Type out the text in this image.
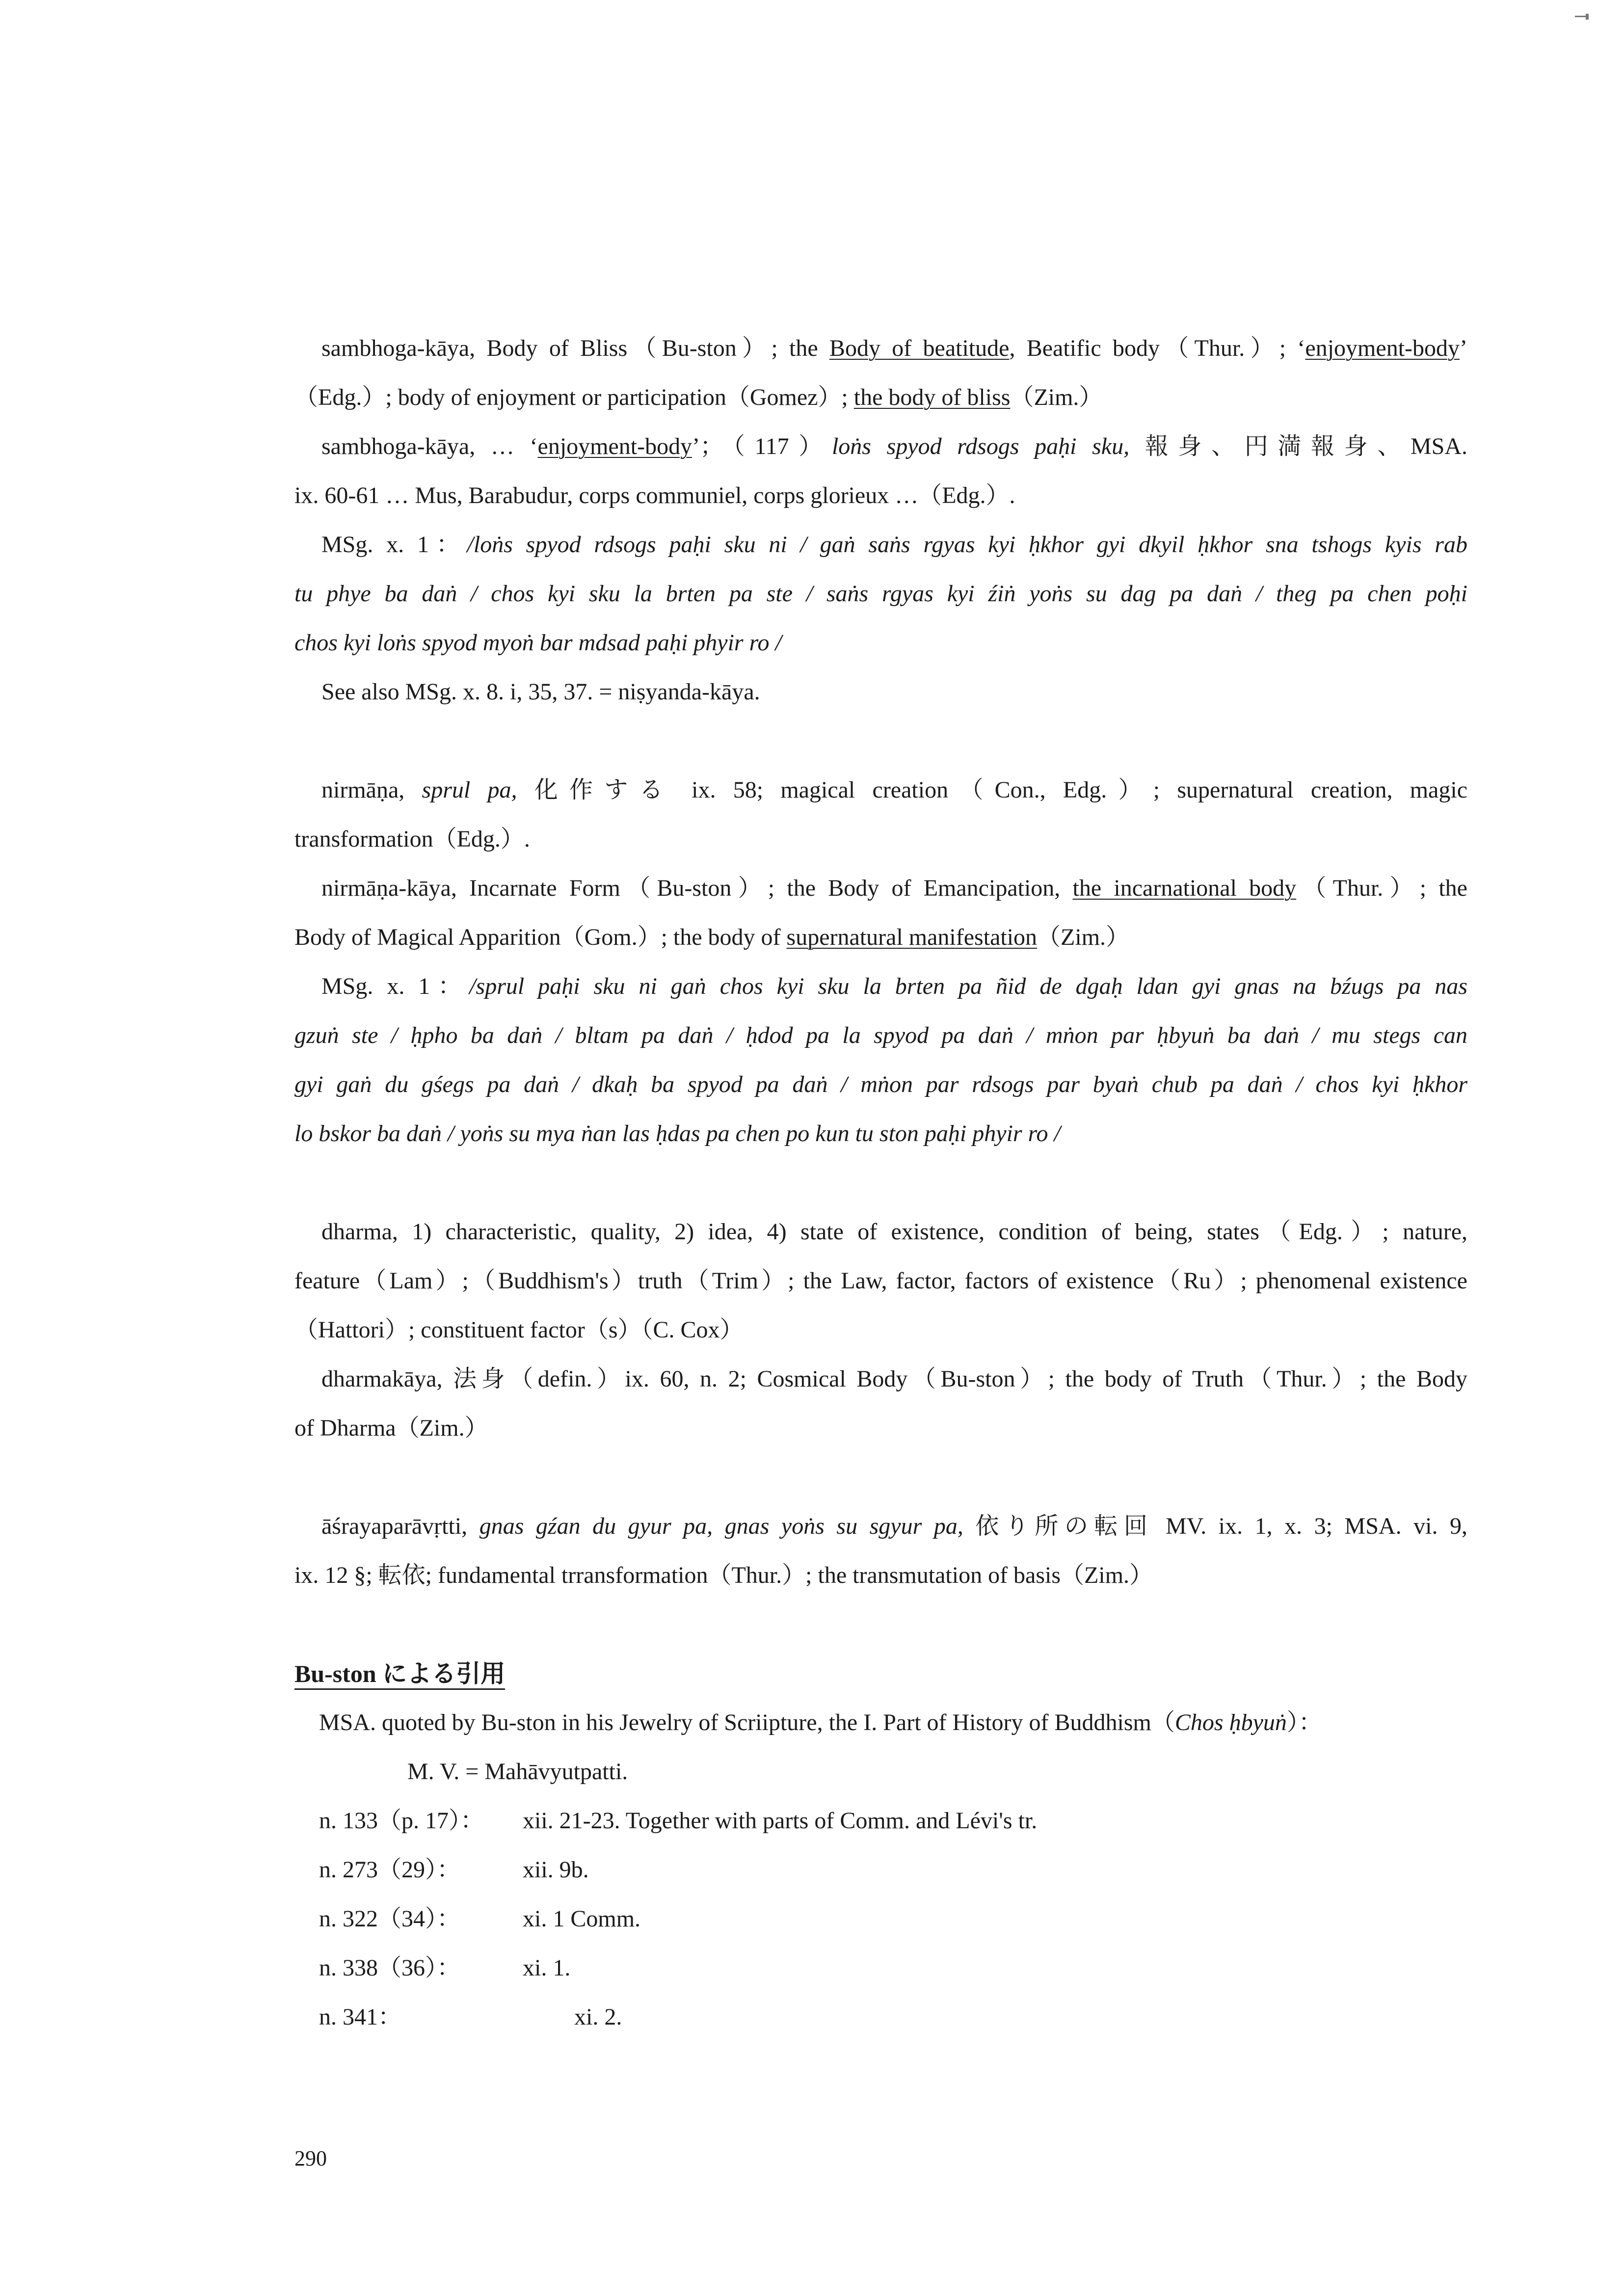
sambhoga-kāya, Body of Bliss（Bu-ston）; the Body of beatitude, Beatific body（Thur.）; ‘enjoyment-body’
（Edg.）; body of enjoyment or participation（Gomez）; the body of bliss（Zim.）
sambhoga-kāya, … ‘enjoyment-body’；（117）loṅs spyod rdsogs paḥi sku, 報身、円満報身、MSA.
ix. 60-61 … Mus, Barabudur, corps communiel, corps glorieux …（Edg.）.
MSg. x. 1：/loṅs spyod rdsogs paḥi sku ni / gaṅ saṅs rgyas kyi ḥkhor gyi dkyil ḥkhor sna tshogs kyis rab
tu phye ba daṅ / chos kyi sku la brten pa ste / saṅs rgyas kyi źiṅ yoṅs su dag pa daṅ / theg pa chen poḥi
chos kyi loṅs spyod myoṅ bar mdsad paḥi phyir ro /
See also MSg. x. 8. i, 35, 37. = niṣyanda-kāya.
nirmāṇa, sprul pa, 化作する ix. 58; magical creation（Con., Edg.）; supernatural creation, magic
transformation（Edg.）.
nirmāṇa-kāya, Incarnate Form（Bu-ston）; the Body of Emancipation, the incarnational body（Thur.）; the
Body of Magical Apparition（Gom.）; the body of supernatural manifestation（Zim.）
MSg. x. 1：/sprul paḥi sku ni gaṅ chos kyi sku la brten pa ñid de dgaḥ ldan gyi gnas na bźugs pa nas
gzuṅ ste / ḥpho ba daṅ / bltam pa daṅ / ḥdod pa la spyod pa daṅ / mṅon par ḥbyuṅ ba daṅ / mu stegs can
gyi gaṅ du gśegs pa daṅ / dkaḥ ba spyod pa daṅ / mṅon par rdsogs par byaṅ chub pa daṅ / chos kyi ḥkhor
lo bskor ba daṅ / yoṅs su mya ṅan las ḥdas pa chen po kun tu ston paḥi phyir ro /
dharma, 1) characteristic, quality, 2) idea, 4) state of existence, condition of being, states（Edg.）; nature,
feature（Lam）;（Buddhism's）truth（Trim）; the Law, factor, factors of existence（Ru）; phenomenal existence
（Hattori）; constituent factor（s）（C. Cox）
dharmakāya, 法身（defin.）ix. 60, n. 2; Cosmical Body（Bu-ston）; the body of Truth（Thur.）; the Body
of Dharma（Zim.）
āśrayaparāvṛtti, gnas gźan du gyur pa, gnas yoṅs su sgyur pa, 依り所の転回 MV. ix. 1, x. 3; MSA. vi. 9,
ix. 12 §; 転依; fundamental trransformation（Thur.）; the transmutation of basis（Zim.）
Bu-ston による引用
MSA. quoted by Bu-ston in his Jewelry of Scriipture, the I. Part of History of Buddhism（Chos ḥbyuṅ）：
M. V. = Mahāvyutpatti.
n. 133（p. 17）： xii. 21-23. Together with parts of Comm. and Lévi's tr.
n. 273（29）：	xii. 9b.
n. 322（34）：	xi. 1 Comm.
n. 338（36）：	xi. 1.
n. 341：	xi. 2.
290
